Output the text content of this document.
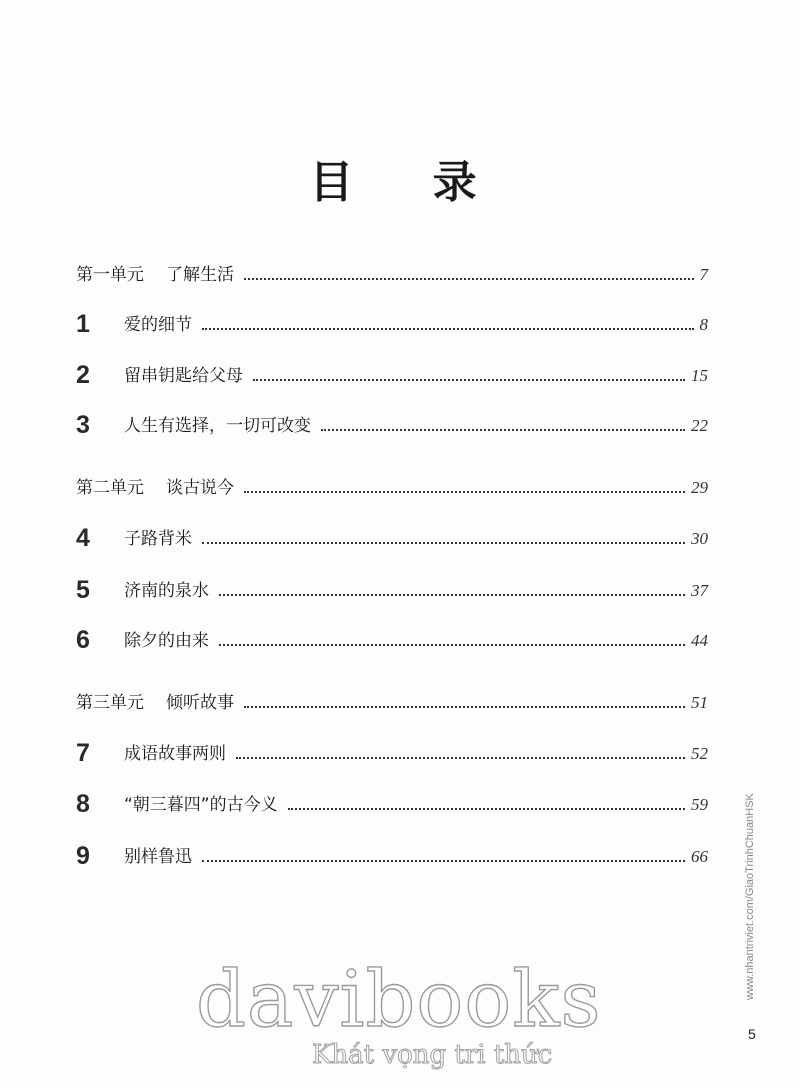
目 录
第一单元 了解生活	7
1	爱的细节	8
2	留串钥匙给父母	15
3	人生有选择，一切可改变	22
第二单元 谈古说今	29
4	子路背米	30
5	济南的泉水	37
6	除夕的由来	44
第三单元 倾听故事	51
7	成语故事两则	52
8	“朝三暮四”的古今义	59
9	别样鲁迅	66	www.nhantriviet.com/GiaoTrinhChuanHSK
5
davibooks
Khát vọng tri thức
